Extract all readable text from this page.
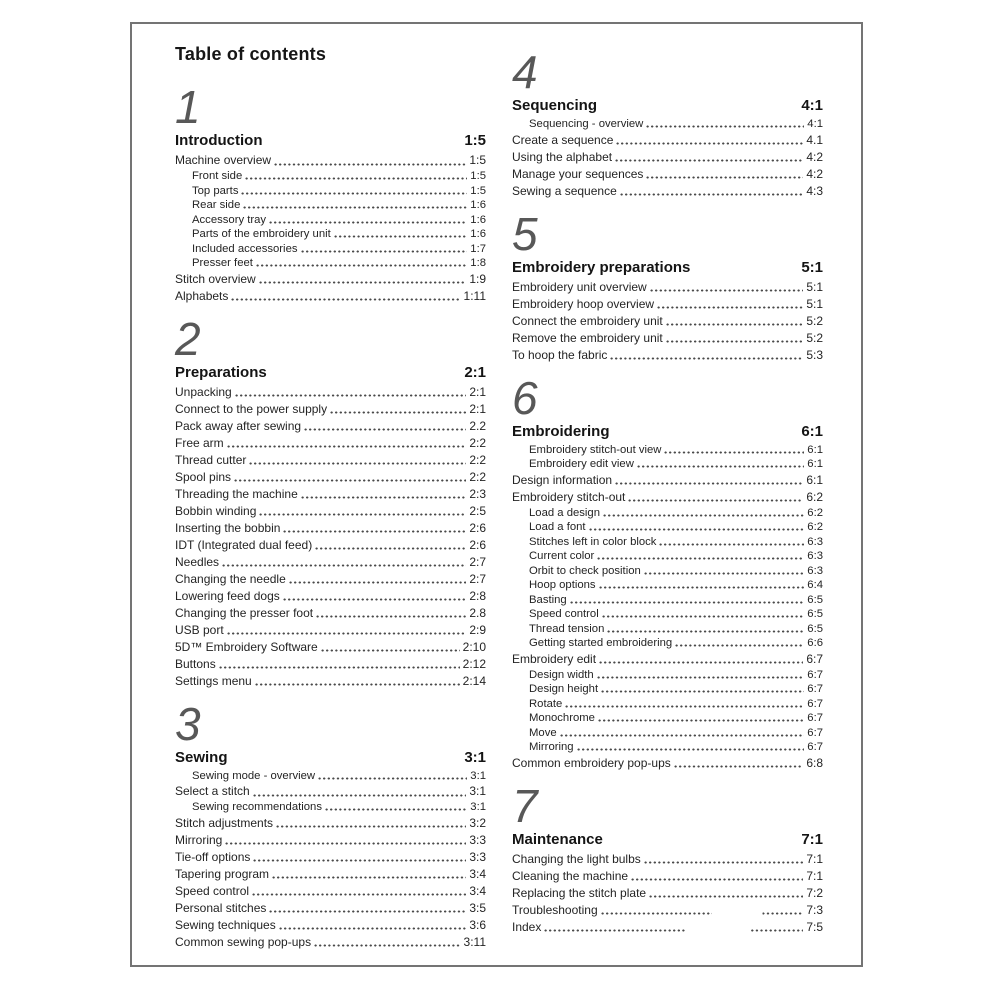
Table of contents
1
Introduction	1:5
Machine overview	1:5
Front side	1:5
Top parts	1:5
Rear side	1:6
Accessory tray	1:6
Parts of the embroidery unit	1:6
Included accessories	1:7
Presser feet	1:8
Stitch overview	1:9
Alphabets	1:11
2
Preparations	2:1
Unpacking	2:1
Connect to the power supply	2:1
Pack away after sewing	2.2
Free arm	2:2
Thread cutter	2:2
Spool pins	2:2
Threading the machine	2:3
Bobbin winding	2:5
Inserting the bobbin	2:6
IDT (Integrated dual feed)	2:6
Needles	2:7
Changing the needle	2:7
Lowering feed dogs	2:8
Changing the presser foot	2.8
USB port	2:9
5D™ Embroidery Software	2:10
Buttons	2:12
Settings menu	2:14
3
Sewing	3:1
Sewing mode - overview	3:1
Select a stitch	3:1
Sewing recommendations	3:1
Stitch adjustments	3:2
Mirroring	3:3
Tie-off options	3:3
Tapering program	3:4
Speed control	3:4
Personal stitches	3:5
Sewing techniques	3:6
Common sewing pop-ups	3:11
4
Sequencing	4:1
Sequencing - overview	4:1
Create a sequence	4.1
Using the alphabet	4:2
Manage your sequences	4:2
Sewing a sequence	4:3
5
Embroidery preparations	5:1
Embroidery unit overview	5:1
Embroidery hoop overview	5:1
Connect the embroidery unit	5:2
Remove the embroidery unit	5:2
To hoop the fabric	5:3
6
Embroidering	6:1
Embroidery stitch-out view	6:1
Embroidery edit view	6:1
Design information	6:1
Embroidery stitch-out	6:2
Load a design	6:2
Load a font	6:2
Stitches left in color block	6:3
Current color	6:3
Orbit to check position	6:3
Hoop options	6:4
Basting	6:5
Speed control	6:5
Thread tension	6:5
Getting started embroidering	6:6
Embroidery edit	6:7
Design width	6:7
Design height	6:7
Rotate	6:7
Monochrome	6:7
Move	6:7
Mirroring	6:7
Common embroidery pop-ups	6:8
7
Maintenance	7:1
Changing the light bulbs	7:1
Cleaning the machine	7:1
Replacing the stitch plate	7:2
Troubleshooting	7:3
Index	7:5
